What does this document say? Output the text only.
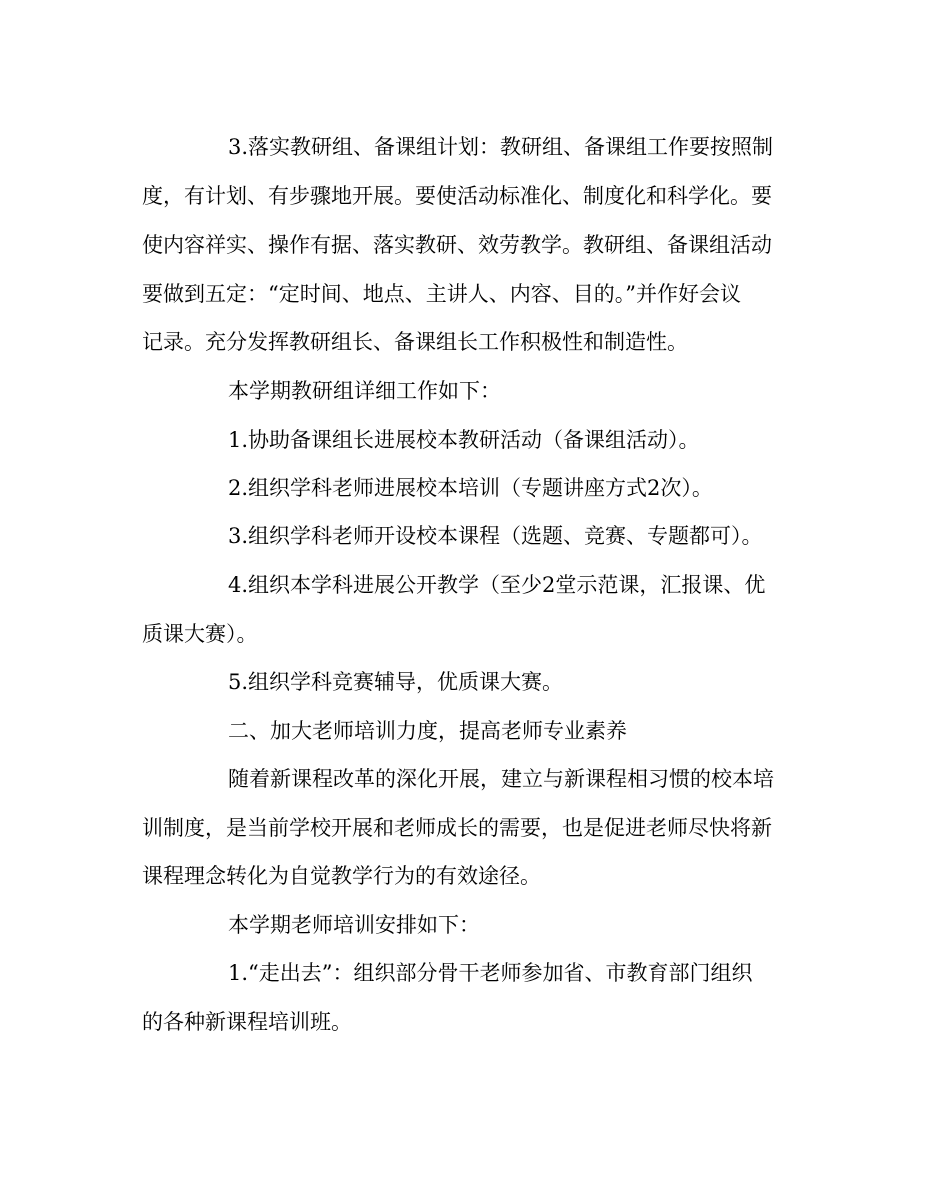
3.落实教研组、备课组计划：教研组、备课组工作要按照制

度，有计划、有步骤地开展。要使活动标准化、制度化和科学化。要

使内容祥实、操作有据、落实教研、效劳教学。教研组、备课组活动

要做到五定：“定时间、地点、主讲人、内容、目的。”并作好会议

记录。充分发挥教研组长、备课组长工作积极性和制造性。

本学期教研组详细工作如下：

1.协助备课组长进展校本教研活动（备课组活动）。

2.组织学科老师进展校本培训（专题讲座方式2次）。

3.组织学科老师开设校本课程（选题、竞赛、专题都可）。

4.组织本学科进展公开教学（至少2堂示范课，汇报课、优

质课大赛）。

5.组织学科竞赛辅导，优质课大赛。

二、加大老师培训力度，提高老师专业素养

随着新课程改革的深化开展，建立与新课程相习惯的校本培

训制度，是当前学校开展和老师成长的需要，也是促进老师尽快将新

课程理念转化为自觉教学行为的有效途径。

本学期老师培训安排如下：

1.“走出去”：组织部分骨干老师参加省、市教育部门组织

的各种新课程培训班。
